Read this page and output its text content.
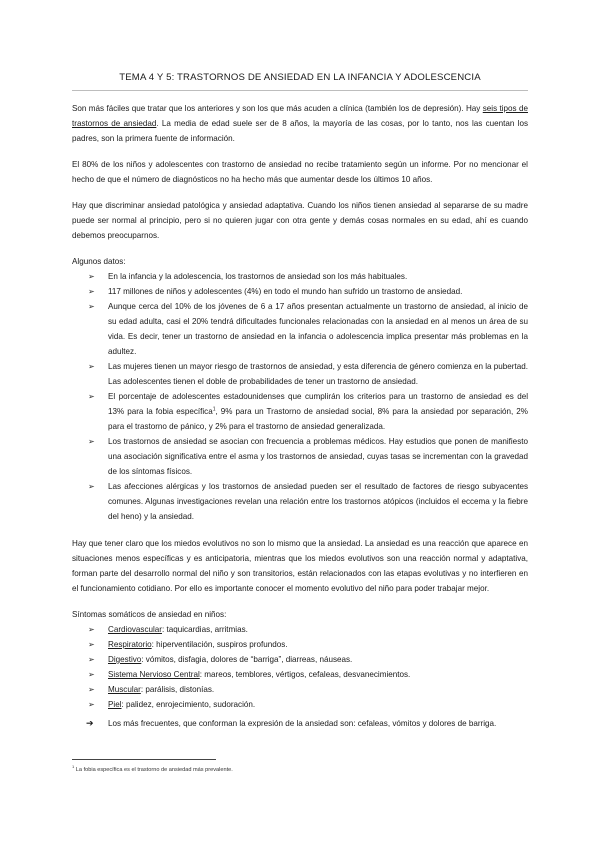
TEMA 4 Y 5: TRASTORNOS DE ANSIEDAD EN LA INFANCIA Y ADOLESCENCIA

Son más fáciles que tratar que los anteriores y son los que más acuden a clínica (también los de depresión). Hay seis tipos de trastornos de ansiedad. La media de edad suele ser de 8 años, la mayoría de las cosas, por lo tanto, nos las cuentan los padres, son la primera fuente de información.

El 80% de los niños y adolescentes con trastorno de ansiedad no recibe tratamiento según un informe. Por no mencionar el hecho de que el número de diagnósticos no ha hecho más que aumentar desde los últimos 10 años.

Hay que discriminar ansiedad patológica y ansiedad adaptativa. Cuando los niños tienen ansiedad al separarse de su madre puede ser normal al principio, pero si no quieren jugar con otra gente y demás cosas normales en su edad, ahí es cuando debemos preocuparnos.

Algunos datos:
➢ En la infancia y la adolescencia, los trastornos de ansiedad son los más habituales.
➢ 117 millones de niños y adolescentes (4%) en todo el mundo han sufrido un trastorno de ansiedad.
➢ Aunque cerca del 10% de los jóvenes de 6 a 17 años presentan actualmente un trastorno de ansiedad, al inicio de su edad adulta, casi el 20% tendrá dificultades funcionales relacionadas con la ansiedad en al menos un área de su vida. Es decir, tener un trastorno de ansiedad en la infancia o adolescencia implica presentar más problemas en la adultez.
➢ Las mujeres tienen un mayor riesgo de trastornos de ansiedad, y esta diferencia de género comienza en la pubertad. Las adolescentes tienen el doble de probabilidades de tener un trastorno de ansiedad.
➢ El porcentaje de adolescentes estadounidenses que cumplirán los criterios para un trastorno de ansiedad es del 13% para la fobia específica$^1$, 9% para un Trastorno de ansiedad social, 8% para la ansiedad por separación, 2% para el trastorno de pánico, y 2% para el trastorno de ansiedad generalizada.
➢ Los trastornos de ansiedad se asocian con frecuencia a problemas médicos. Hay estudios que ponen de manifiesto una asociación significativa entre el asma y los trastornos de ansiedad, cuyas tasas se incrementan con la gravedad de los síntomas físicos.
➢ Las afecciones alérgicas y los trastornos de ansiedad pueden ser el resultado de factores de riesgo subyacentes comunes. Algunas investigaciones revelan una relación entre los trastornos atópicos (incluidos el eccema y la fiebre del heno) y la ansiedad.

Hay que tener claro que los miedos evolutivos no son lo mismo que la ansiedad. La ansiedad es una reacción que aparece en situaciones menos específicas y es anticipatoria, mientras que los miedos evolutivos son una reacción normal y adaptativa, forman parte del desarrollo normal del niño y son transitorios, están relacionados con las etapas evolutivas y no interfieren en el funcionamiento cotidiano. Por ello es importante conocer el momento evolutivo del niño para poder trabajar mejor.

Síntomas somáticos de ansiedad en niños:
➢ Cardiovascular: taquicardias, arritmias.
➢ Respiratorio: hiperventilación, suspiros profundos.
➢ Digestivo: vómitos, disfagia, dolores de “barriga”, diarreas, náuseas.
➢ Sistema Nervioso Central: mareos, temblores, vértigos, cefaleas, desvanecimientos.
➢ Muscular: parálisis, distonías.
➢ Piel: palidez, enrojecimiento, sudoración.
➔ Los más frecuentes, que conforman la expresión de la ansiedad son: cefaleas, vómitos y dolores de barriga.
$^1$ La fobia específica es el trastorno de ansiedad más prevalente.
